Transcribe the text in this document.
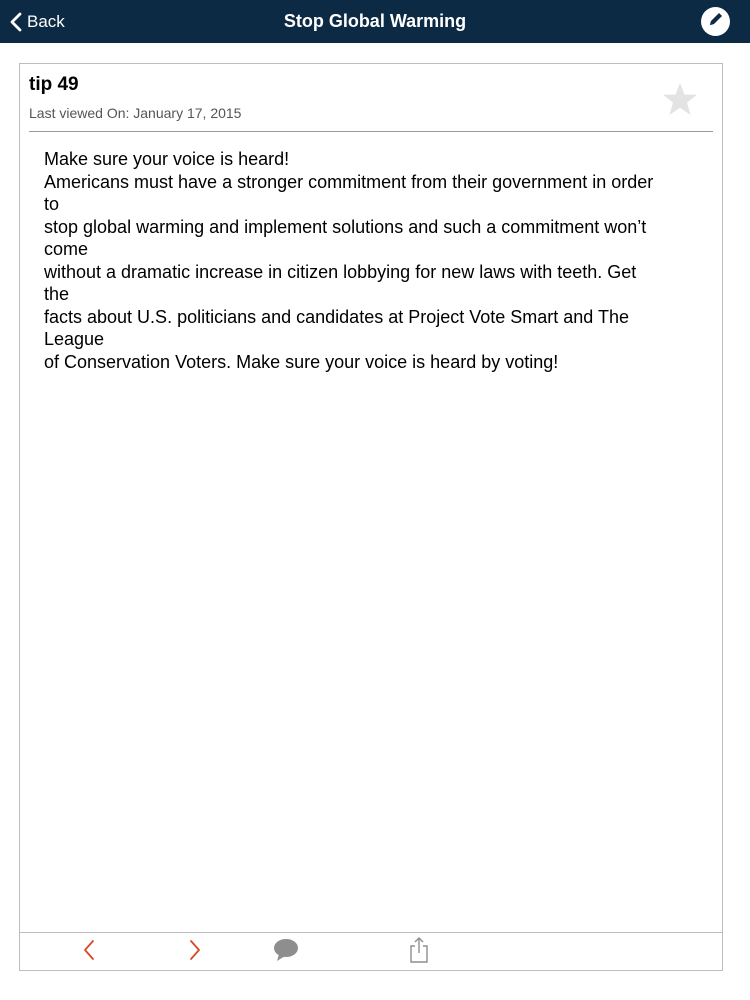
Back	Stop Global Warming
tip 49
Last viewed On: January 17, 2015
Make sure your voice is heard!
Americans must have a stronger commitment from their government in order
to
stop global warming and implement solutions and such a commitment won’t
come
without a dramatic increase in citizen lobbying for new laws with teeth. Get
the
facts about U.S. politicians and candidates at Project Vote Smart and The
League
of Conservation Voters. Make sure your voice is heard by voting!
